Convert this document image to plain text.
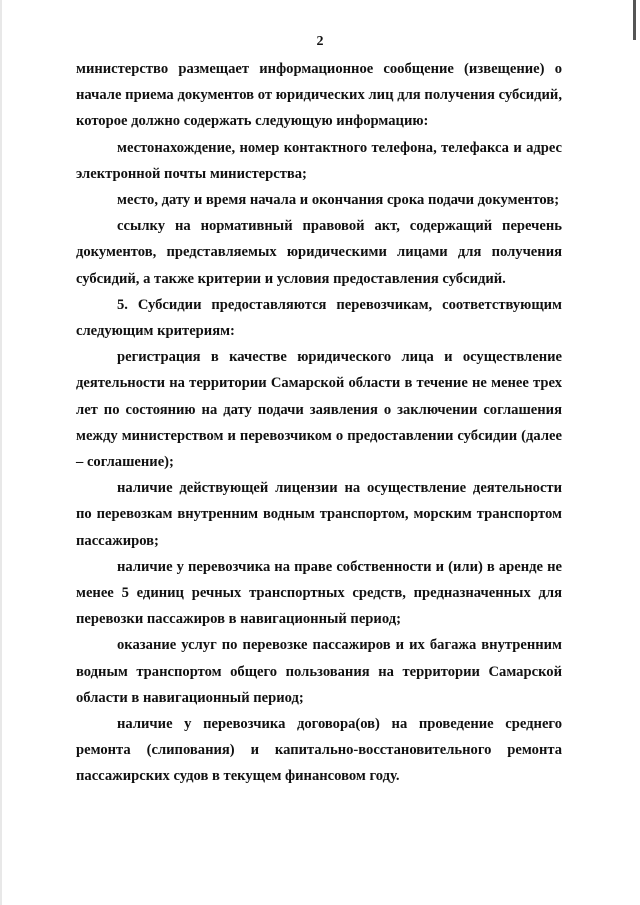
2

министерство размещает информационное сообщение (извещение) о начале приема документов от юридических лиц для получения субсидий, которое должно содержать следующую информацию:

местонахождение, номер контактного телефона, телефакса и адрес электронной почты министерства;

место, дату и время начала и окончания срока подачи документов;

ссылку на нормативный правовой акт, содержащий перечень документов, представляемых юридическими лицами для получения субсидий, а также критерии и условия предоставления субсидий.

5. Субсидии предоставляются перевозчикам, соответствующим следующим критериям:

регистрация в качестве юридического лица и осуществление деятельности на территории Самарской области в течение не менее трех лет по состоянию на дату подачи заявления о заключении соглашения между министерством и перевозчиком о предоставлении субсидии (далее – соглашение);

наличие действующей лицензии на осуществление деятельности по перевозкам внутренним водным транспортом, морским транспортом пассажиров;

наличие у перевозчика на праве собственности и (или) в аренде не менее 5 единиц речных транспортных средств, предназначенных для перевозки пассажиров в навигационный период;

оказание услуг по перевозке пассажиров и их багажа внутренним водным транспортом общего пользования на территории Самарской области в навигационный период;

наличие у перевозчика договора(ов) на проведение среднего ремонта (слипования) и капитально-восстановительного ремонта пассажирских судов в текущем финансовом году.
